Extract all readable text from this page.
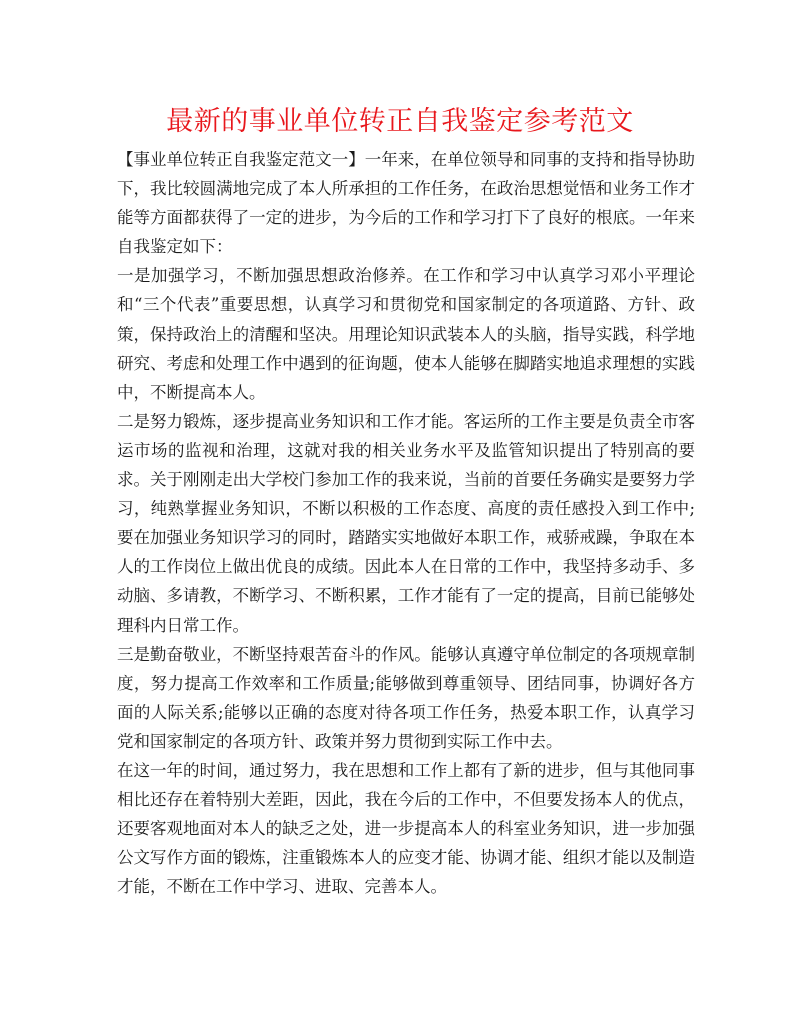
最新的事业单位转正自我鉴定参考范文

【事业单位转正自我鉴定范文一】一年来，在单位领导和同事的支持和指导协助下，我比较圆满地完成了本人所承担的工作任务，在政治思想觉悟和业务工作才能等方面都获得了一定的进步，为今后的工作和学习打下了良好的根底。一年来自我鉴定如下：

一是加强学习，不断加强思想政治修养。在工作和学习中认真学习邓小平理论和“三个代表”重要思想，认真学习和贯彻党和国家制定的各项道路、方针、政策，保持政治上的清醒和坚决。用理论知识武装本人的头脑，指导实践，科学地研究、考虑和处理工作中遇到的征询题，使本人能够在脚踏实地追求理想的实践中，不断提高本人。

二是努力锻炼，逐步提高业务知识和工作才能。客运所的工作主要是负责全市客运市场的监视和治理，这就对我的相关业务水平及监管知识提出了特别高的要求。关于刚刚走出大学校门参加工作的我来说，当前的首要任务确实是要努力学习，纯熟掌握业务知识，不断以积极的工作态度、高度的责任感投入到工作中;要在加强业务知识学习的同时，踏踏实实地做好本职工作，戒骄戒躁，争取在本人的工作岗位上做出优良的成绩。因此本人在日常的工作中，我坚持多动手、多动脑、多请教，不断学习、不断积累，工作才能有了一定的提高，目前已能够处理科内日常工作。

三是勤奋敬业，不断坚持艰苦奋斗的作风。能够认真遵守单位制定的各项规章制度，努力提高工作效率和工作质量;能够做到尊重领导、团结同事，协调好各方面的人际关系;能够以正确的态度对待各项工作任务，热爱本职工作，认真学习党和国家制定的各项方针、政策并努力贯彻到实际工作中去。

在这一年的时间，通过努力，我在思想和工作上都有了新的进步，但与其他同事相比还存在着特别大差距，因此，我在今后的工作中，不但要发扬本人的优点，还要客观地面对本人的缺乏之处，进一步提高本人的科室业务知识，进一步加强公文写作方面的锻炼，注重锻炼本人的应变才能、协调才能、组织才能以及制造才能，不断在工作中学习、进取、完善本人。
